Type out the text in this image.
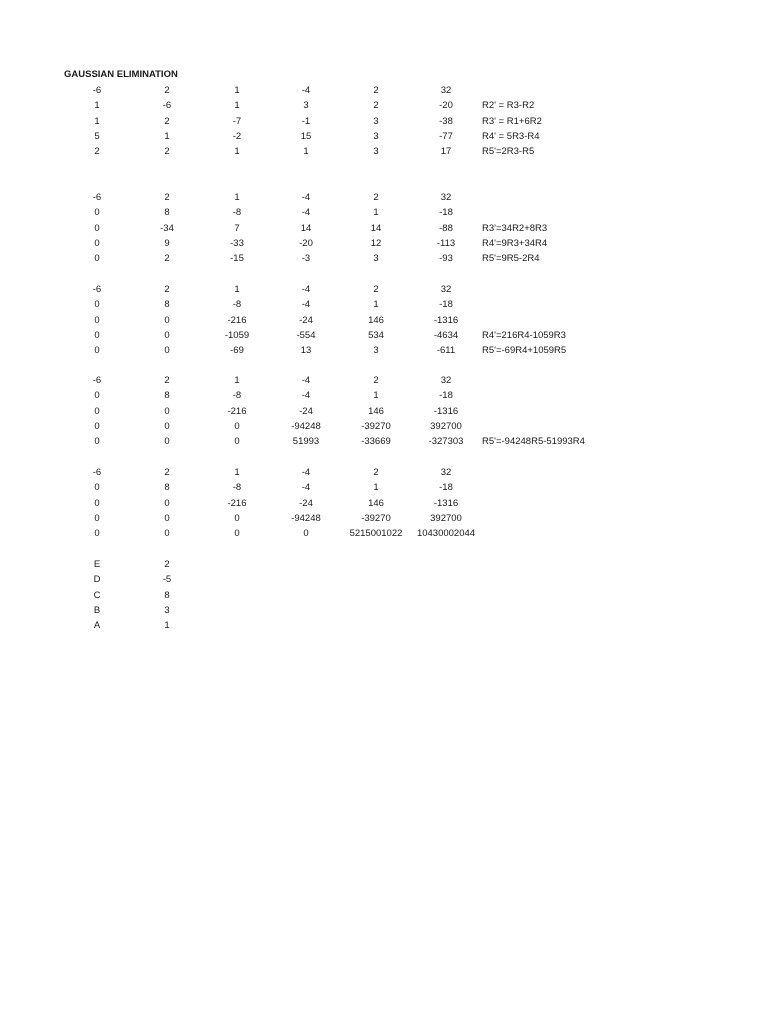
GAUSSIAN ELIMINATION
-6	2	1	-4	2	32
1	-6	1	3	2	-20	R2' = R3-R2
1	2	-7	-1	3	-38	R3' = R1+6R2
5	1	-2	15	3	-77	R4' = 5R3-R4
2	2	1	1	3	17	R5'=2R3-R5
-6	2	1	-4	2	32
0	8	-8	-4	1	-18
0	-34	7	14	14	-88	R3'=34R2+8R3
0	9	-33	-20	12	-113	R4'=9R3+34R4
0	2	-15	-3	3	-93	R5'=9R5-2R4
-6	2	1	-4	2	32
0	8	-8	-4	1	-18
0	0	-216	-24	146	-1316
0	0	-1059	-554	534	-4634	R4'=216R4-1059R3
0	0	-69	13	3	-611	R5'=-69R4+1059R5
-6	2	1	-4	2	32
0	8	-8	-4	1	-18
0	0	-216	-24	146	-1316
0	0	0	-94248	-39270	392700
0	0	0	51993	-33669	-327303	R5'=-94248R5-51993R4
-6	2	1	-4	2	32
0	8	-8	-4	1	-18
0	0	-216	-24	146	-1316
0	0	0	-94248	-39270	392700
0	0	0	0	5215001022	10430002044
E	2
D	-5
C	8
B	3
A	1
